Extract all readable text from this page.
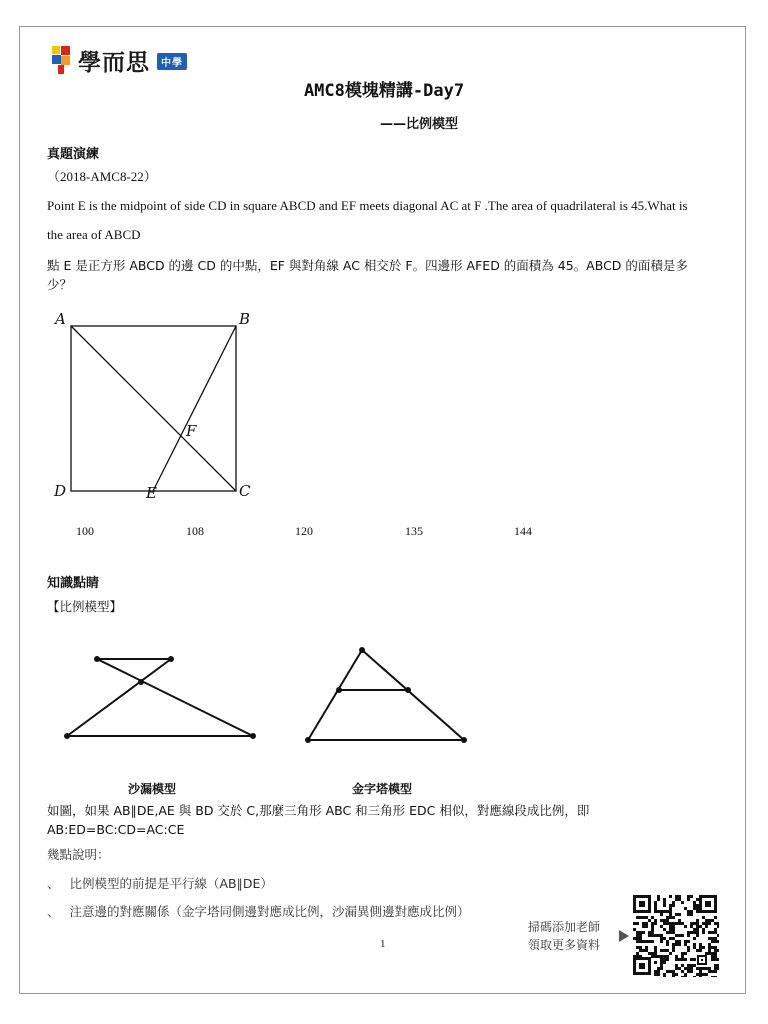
學而思	中學
AMC8模塊精講-Day7
——比例模型
真題演練
（2018-AMC8-22）
Point E is the midpoint of side CD in square ABCD and EF meets diagonal AC at F .The area of quadrilateral is 45.What is
the area of ABCD
點 E 是正方形 ABCD 的邊 CD 的中點，EF 與對角線 AC 相交於 F。四邊形 AFED 的面積為 45。ABCD 的面積是多
少？
A	B
C
D	E
F
100	108	120	135	144
知識點睛
【比例模型】
沙漏模型	金字塔模型
如圖，如果 AB∥DE,AE 與 BD 交於 C,那麼三角形 ABC 和三角形 EDC 相似，對應線段成比例，即
AB:ED=BC:CD=AC:CE
幾點說明：
、 比例模型的前提是平行線（AB∥DE）
、 注意邊的對應關係（金字塔同側邊對應成比例，沙漏異側邊對應成比例）
1
掃碼添加老師
領取更多資料
